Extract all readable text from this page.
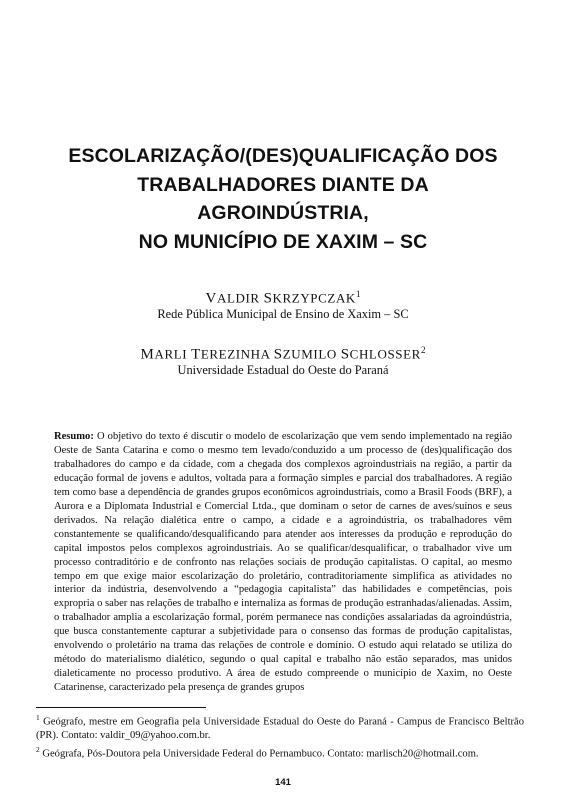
ESCOLARIZAÇÃO/(DES)QUALIFICAÇÃO DOS
TRABALHADORES DIANTE DA
AGROINDÚSTRIA,
NO MUNICÍPIO DE XAXIM – SC
VALDIR SKRZYPCZAK$^1$
Rede Pública Municipal de Ensino de Xaxim – SC
MARLI TEREZINHA SZUMILO SCHLOSSER$^2$
Universidade Estadual do Oeste do Paraná
Resumo: O objetivo do texto é discutir o modelo de escolarização que vem sendo implementado na região Oeste de Santa Catarina e como o mesmo tem levado/conduzido a um processo de (des)qualificação dos trabalhadores do campo e da cidade, com a chegada dos complexos agroindustriais na região, a partir da educação formal de jovens e adultos, voltada para a formação simples e parcial dos trabalhadores. A região tem como base a dependência de grandes grupos econômicos agroindustriais, como a Brasil Foods (BRF), a Aurora e a Diplomata Industrial e Comercial Ltda., que dominam o setor de carnes de aves/suínos e seus derivados. Na relação dialética entre o campo, a cidade e a agroindústria, os trabalhadores vêm constantemente se qualificando/desqualificando para atender aos interesses da produção e reprodução do capital impostos pelos complexos agroindustriais. Ao se qualificar/desqualificar, o trabalhador vive um processo contraditório e de confronto nas relações sociais de produção capitalistas. O capital, ao mesmo tempo em que exige maior escolarização do proletário, contraditoriamente simplifica as atividades no interior da indústria, desenvolvendo a “pedagogia capitalista” das habilidades e competências, pois expropria o saber nas relações de trabalho e internaliza as formas de produção estranhadas/alienadas. Assim, o trabalhador amplia a escolarização formal, porém permanece nas condições assalariadas da agroindústria, que busca constantemente capturar a subjetividade para o consenso das formas de produção capitalistas, envolvendo o proletário na trama das relações de controle e domínio. O estudo aqui relatado se utiliza do método do materialismo dialético, segundo o qual capital e trabalho não estão separados, mas unidos dialeticamente no processo produtivo. A área de estudo compreende o município de Xaxim, no Oeste Catarinense, caracterizado pela presença de grandes grupos
$^1$ Geógrafo, mestre em Geografia pela Universidade Estadual do Oeste do Paraná - Campus de Francisco Beltrão (PR). Contato: valdir_09@yahoo.com.br.
$^2$ Geógrafa, Pós-Doutora pela Universidade Federal do Pernambuco. Contato: marlisch20@hotmail.com.
141
